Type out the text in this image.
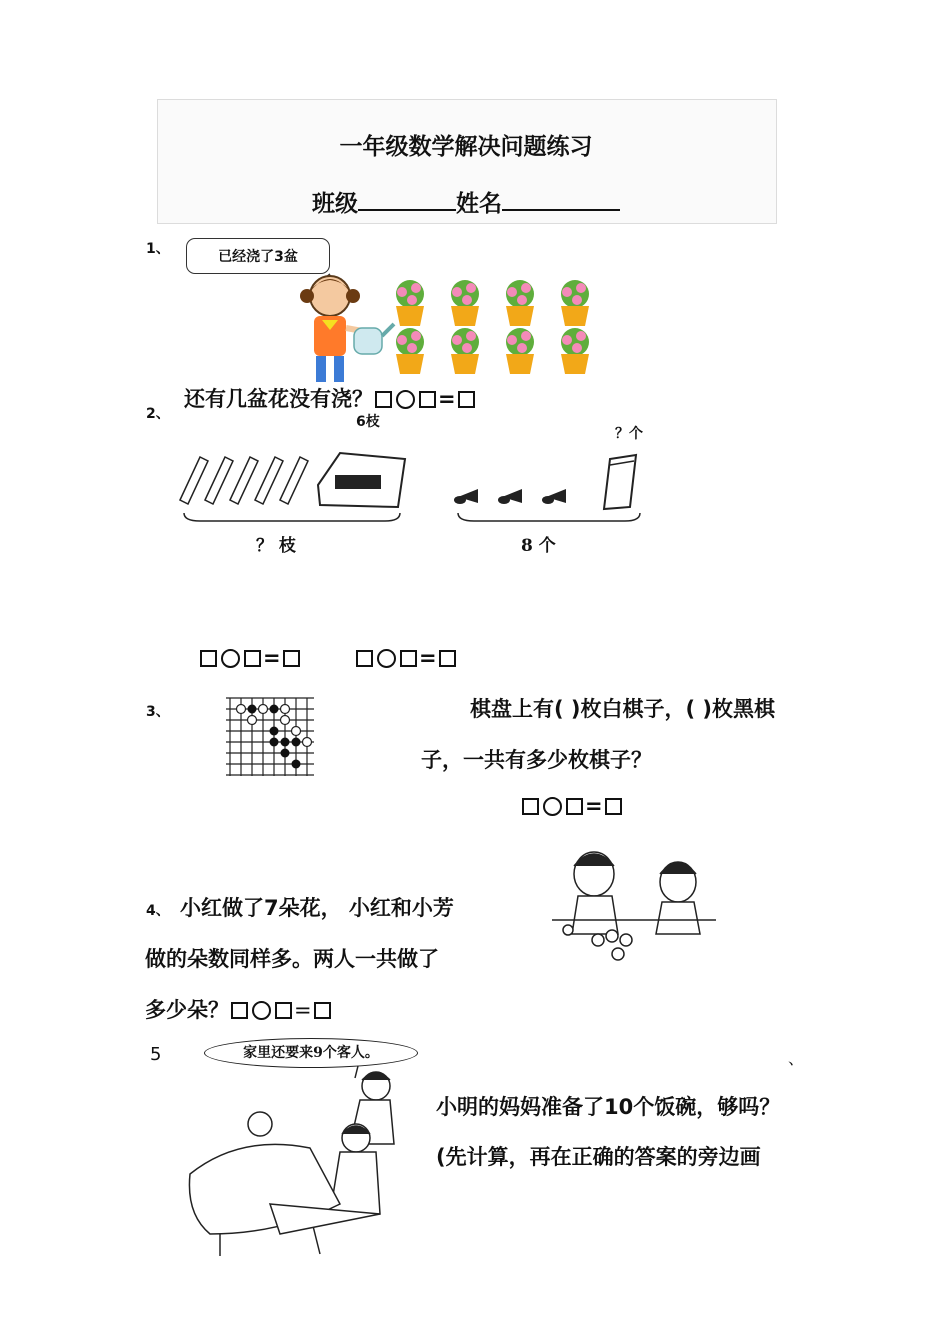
一年级数学解决问题练习
班级	姓名
1、	已经浇了3盆
还有几盆花没有浇？	=
2、	6枝
？个
？ 枝	8 个
=	=
3、	棋盘上有( )枚白棋子，( )枚黑棋
子，一共有多少枚棋子？
=
4、 小红做了7朵花， 小红和小芳
做的朵数同样多。两人一共做了
多少朵？	=
5	、
家里还要来9个客人。
小明的妈妈准备了10个饭碗，够吗？
(先计算，再在正确的答案的旁边画
